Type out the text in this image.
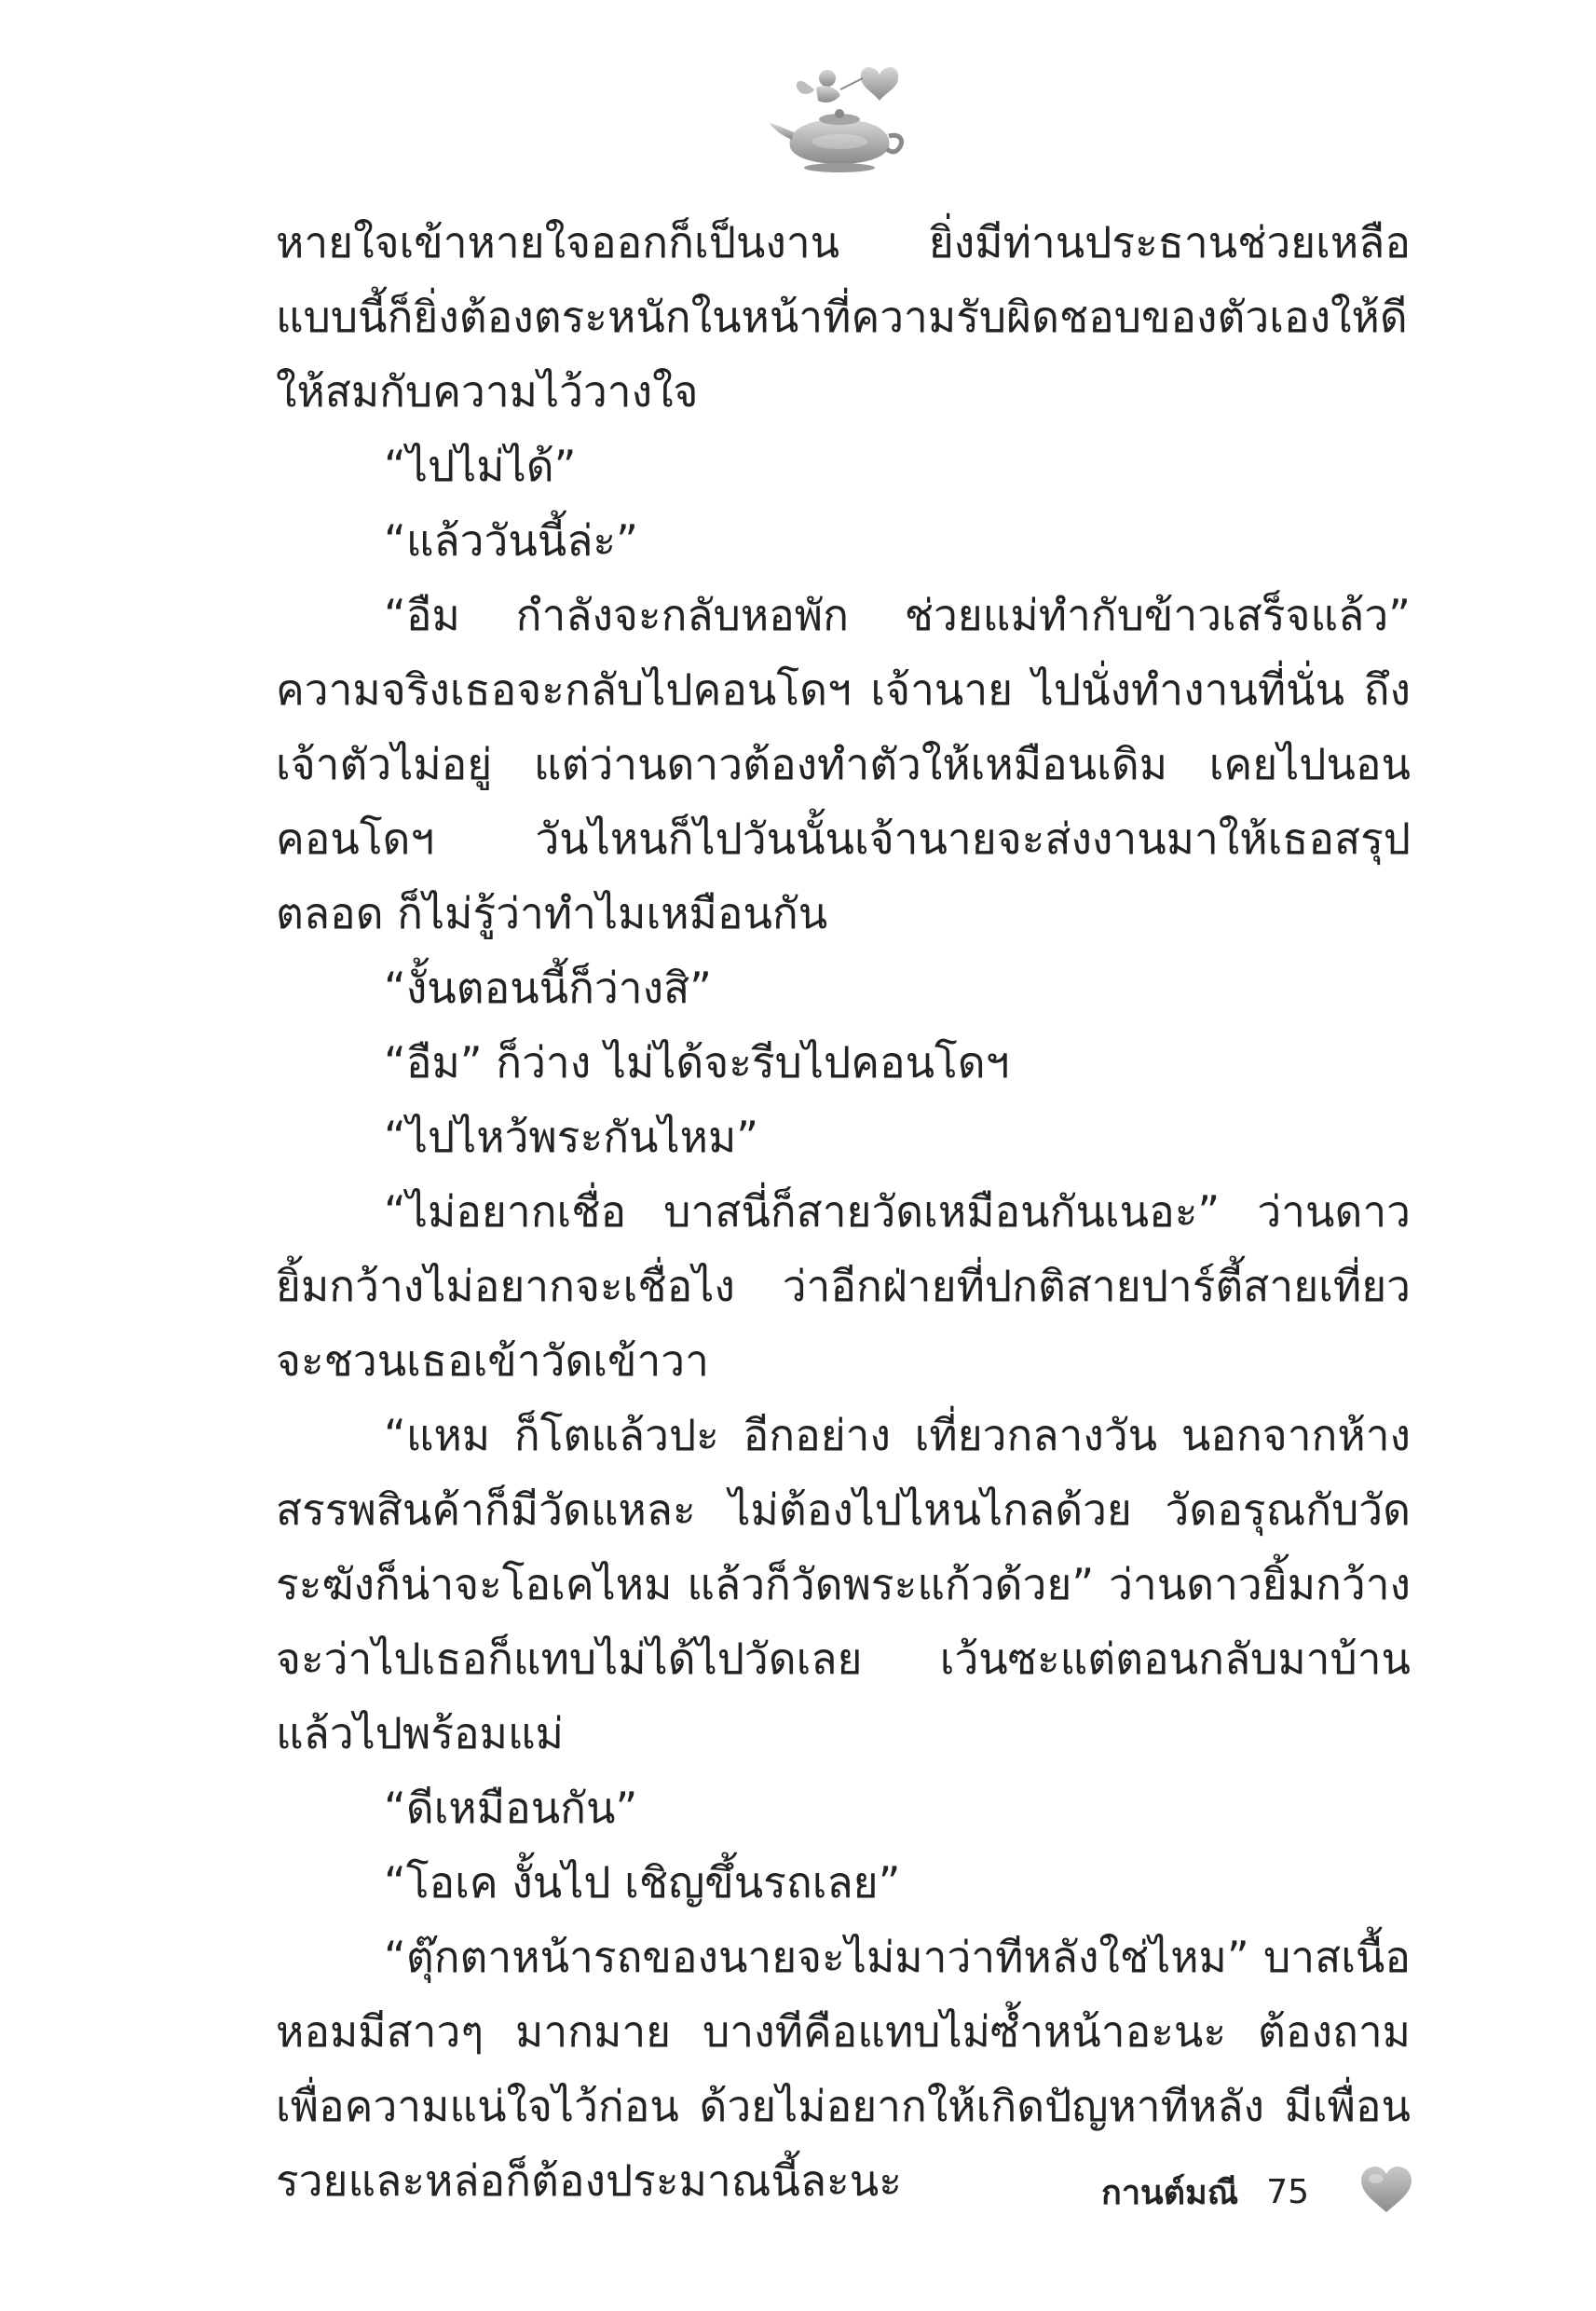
หายใจเข้าหายใจออกก็เป็นงาน ยิ่งมีท่านประธานช่วยเหลือแบบนี้ก็ยิ่งต้องตระหนักในหน้าที่ความรับผิดชอบของตัวเองให้ดี ให้สมกับความไว้วางใจ

“ไปไม่ได้”

“แล้ววันนี้ล่ะ”

“อืม กำลังจะกลับหอพัก ช่วยแม่ทำกับข้าวเสร็จแล้ว” ความจริงเธอจะกลับไปคอนโดฯ เจ้านาย ไปนั่งทำงานที่นั่น ถึงเจ้าตัวไม่อยู่ แต่ว่านดาวต้องทำตัวให้เหมือนเดิม เคยไปนอนคอนโดฯ วันไหนก็ไปวันนั้นเจ้านายจะส่งงานมาให้เธอสรุปตลอด ก็ไม่รู้ว่าทำไมเหมือนกัน

“งั้นตอนนี้ก็ว่างสิ”

“อืม” ก็ว่าง ไม่ได้จะรีบไปคอนโดฯ

“ไปไหว้พระกันไหม”

“ไม่อยากเชื่อ บาสนี่ก็สายวัดเหมือนกันเนอะ” ว่านดาวยิ้มกว้างไม่อยากจะเชื่อไง ว่าอีกฝ่ายที่ปกติสายปาร์ตี้สายเที่ยวจะชวนเธอเข้าวัดเข้าวา

“แหม ก็โตแล้วปะ อีกอย่าง เที่ยวกลางวัน นอกจากห้างสรรพสินค้าก็มีวัดแหละ ไม่ต้องไปไหนไกลด้วย วัดอรุณกับวัดระฆังก็น่าจะโอเคไหม แล้วก็วัดพระแก้วด้วย” ว่านดาวยิ้มกว้างจะว่าไปเธอก็แทบไม่ได้ไปวัดเลย เว้นซะแต่ตอนกลับมาบ้านแล้วไปพร้อมแม่

“ดีเหมือนกัน”

“โอเค งั้นไป เชิญขึ้นรถเลย”

“ตุ๊กตาหน้ารถของนายจะไม่มาว่าทีหลังใช่ไหม” บาสเนื้อหอมมีสาวๆ มากมาย บางทีคือแทบไม่ซ้ำหน้าอะนะ ต้องถามเพื่อความแน่ใจไว้ก่อน ด้วยไม่อยากให้เกิดปัญหาทีหลัง มีเพื่อนรวยและหล่อก็ต้องประมาณนี้ละนะ	กานต์มณี 75
